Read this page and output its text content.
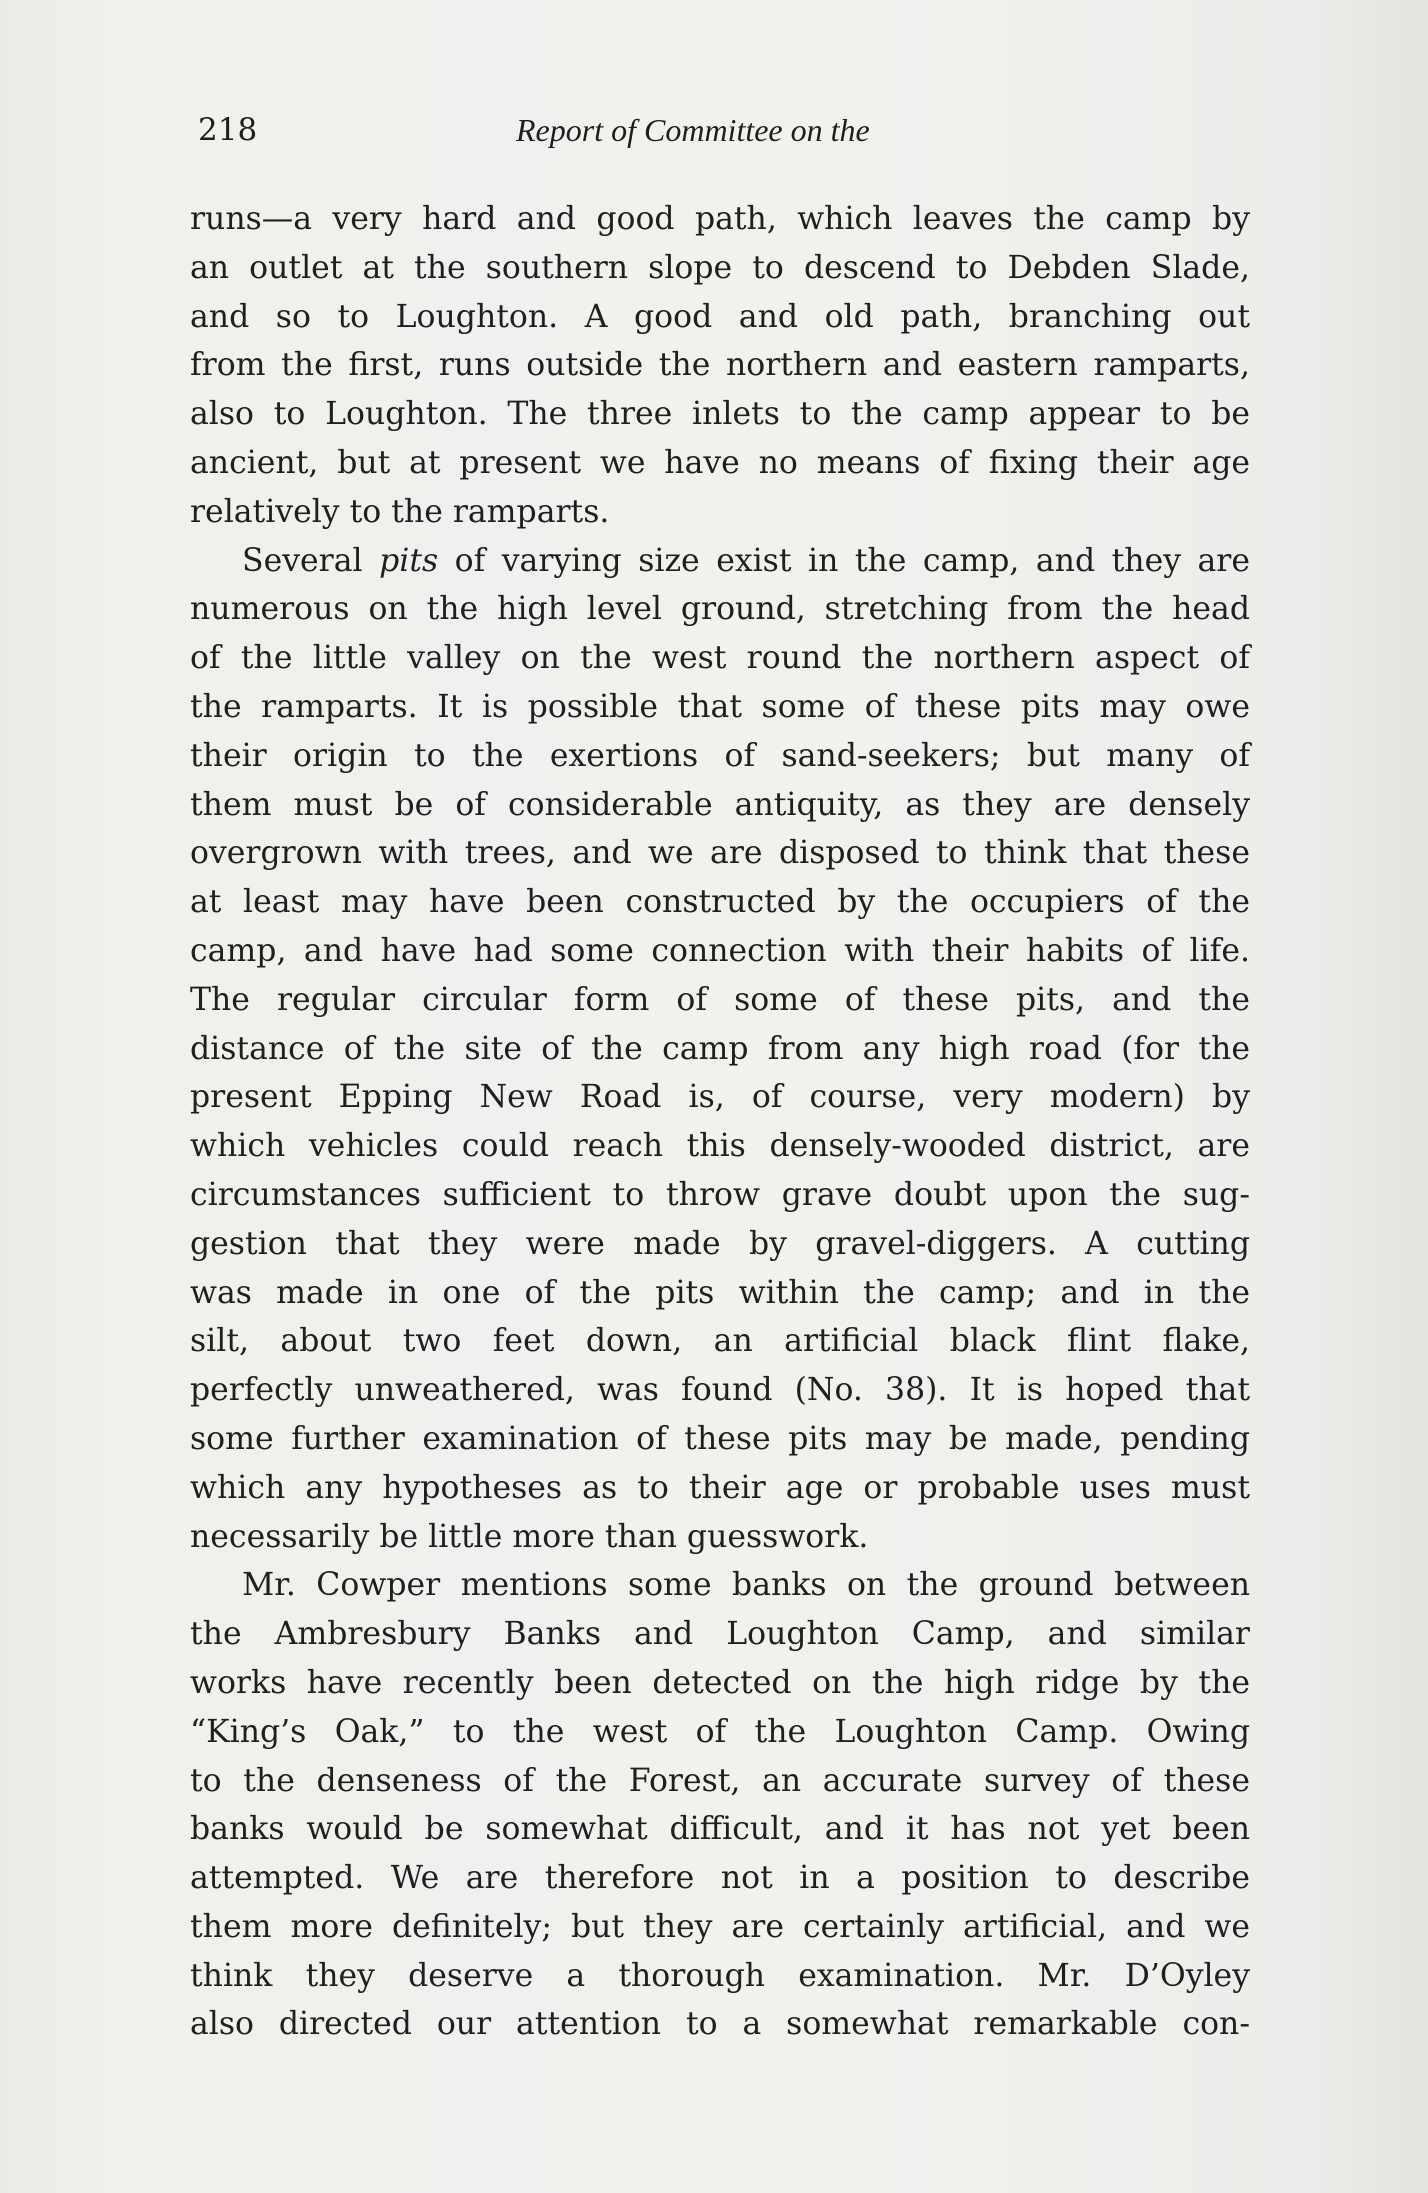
218	Report of Committee on the
runs—a very hard and good path, which leaves the camp by
an outlet at the southern slope to descend to Debden Slade,
and so to Loughton. A good and old path, branching out
from the first, runs outside the northern and eastern ramparts,
also to Loughton. The three inlets to the camp appear to be
ancient, but at present we have no means of fixing their age
relatively to the ramparts.
Several pits of varying size exist in the camp, and they are
numerous on the high level ground, stretching from the head
of the little valley on the west round the northern aspect of
the ramparts. It is possible that some of these pits may owe
their origin to the exertions of sand-seekers; but many of
them must be of considerable antiquity, as they are densely
overgrown with trees, and we are disposed to think that these
at least may have been constructed by the occupiers of the
camp, and have had some connection with their habits of life.
The regular circular form of some of these pits, and the
distance of the site of the camp from any high road (for the
present Epping New Road is, of course, very modern) by
which vehicles could reach this densely-wooded district, are
circumstances sufficient to throw grave doubt upon the sug-
gestion that they were made by gravel-diggers. A cutting
was made in one of the pits within the camp; and in the
silt, about two feet down, an artificial black flint flake,
perfectly unweathered, was found (No. 38). It is hoped that
some further examination of these pits may be made, pending
which any hypotheses as to their age or probable uses must
necessarily be little more than guesswork.
Mr. Cowper mentions some banks on the ground between
the Ambresbury Banks and Loughton Camp, and similar
works have recently been detected on the high ridge by the
“King’s Oak,” to the west of the Loughton Camp. Owing
to the denseness of the Forest, an accurate survey of these
banks would be somewhat difficult, and it has not yet been
attempted. We are therefore not in a position to describe
them more definitely; but they are certainly artificial, and we
think they deserve a thorough examination. Mr. D’Oyley
also directed our attention to a somewhat remarkable con-
